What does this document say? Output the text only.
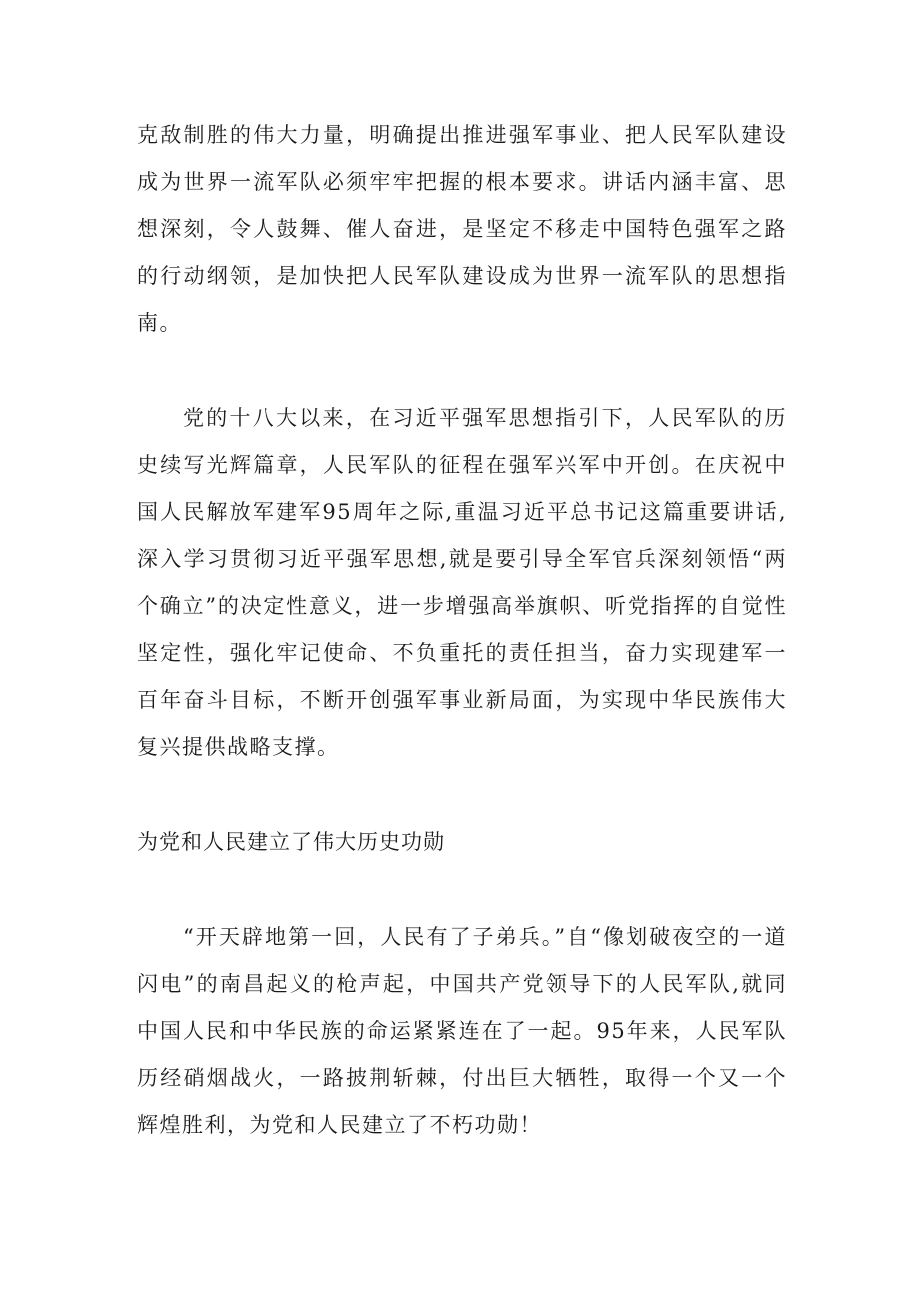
克敌制胜的伟大力量，明确提出推进强军事业、把人民军队建设成为世界一流军队必须牢牢把握的根本要求。讲话内涵丰富、思想深刻，令人鼓舞、催人奋进，是坚定不移走中国特色强军之路的行动纲领，是加快把人民军队建设成为世界一流军队的思想指南。

党的十八大以来，在习近平强军思想指引下，人民军队的历史续写光辉篇章，人民军队的征程在强军兴军中开创。在庆祝中国人民解放军建军95周年之际,重温习近平总书记这篇重要讲话,深入学习贯彻习近平强军思想,就是要引导全军官兵深刻领悟“两个确立”的决定性意义，进一步增强高举旗帜、听党指挥的自觉性坚定性，强化牢记使命、不负重托的责任担当，奋力实现建军一百年奋斗目标，不断开创强军事业新局面，为实现中华民族伟大复兴提供战略支撑。

为党和人民建立了伟大历史功勋

“开天辟地第一回，人民有了子弟兵。”自“像划破夜空的一道闪电”的南昌起义的枪声起，中国共产党领导下的人民军队,就同中国人民和中华民族的命运紧紧连在了一起。95年来，人民军队历经硝烟战火，一路披荆斩棘，付出巨大牺牲，取得一个又一个辉煌胜利，为党和人民建立了不朽功勋！
